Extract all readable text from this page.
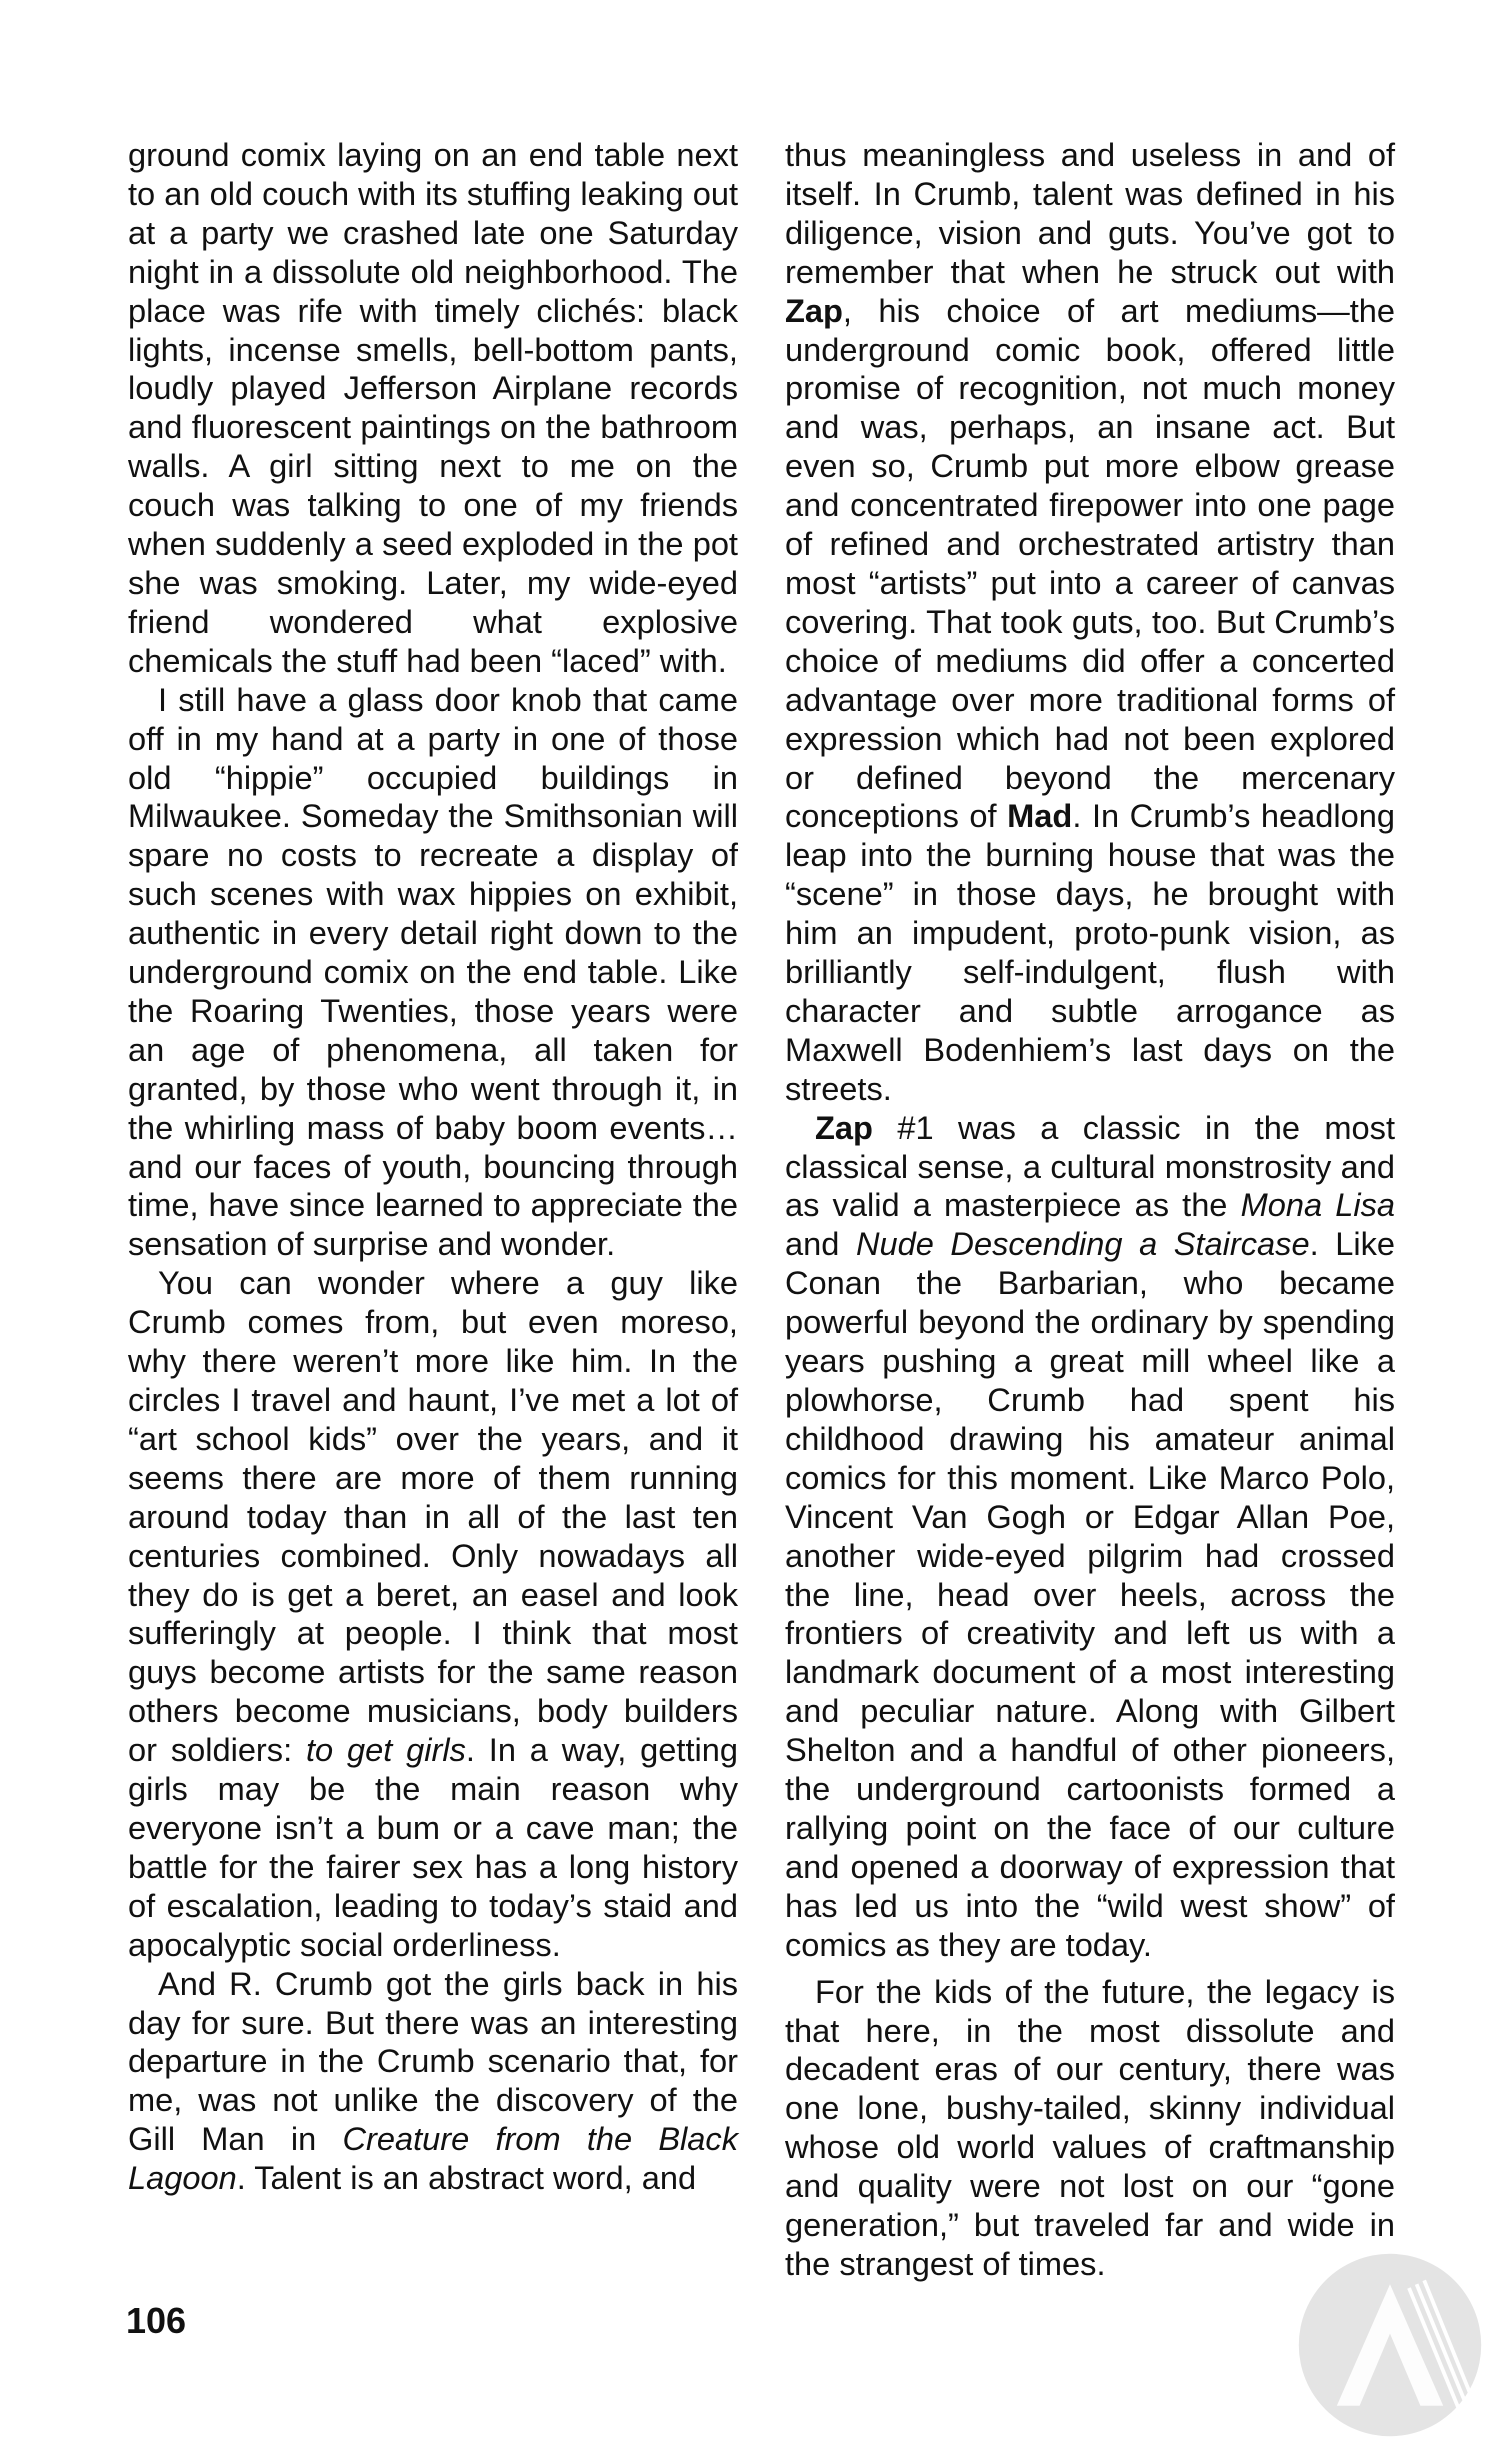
ground comix laying on an end table next to an old couch with its stuffing leaking out at a party we crashed late one Saturday night in a dissolute old neighborhood. The place was rife with timely clichés: black lights, incense smells, bell-bottom pants, loudly played Jefferson Airplane records and fluorescent paintings on the bathroom walls. A girl sitting next to me on the couch was talking to one of my friends when suddenly a seed exploded in the pot she was smoking. Later, my wide-eyed friend wondered what explosive chemicals the stuff had been “laced” with.

I still have a glass door knob that came off in my hand at a party in one of those old “hippie” occupied buildings in Milwaukee. Someday the Smithsonian will spare no costs to recreate a display of such scenes with wax hippies on exhibit, authentic in every detail right down to the underground comix on the end table. Like the Roaring Twenties, those years were an age of phenomena, all taken for granted, by those who went through it, in the whirling mass of baby boom events…and our faces of youth, bouncing through time, have since learned to appreciate the sensation of surprise and wonder.

You can wonder where a guy like Crumb comes from, but even moreso, why there weren’t more like him. In the circles I travel and haunt, I’ve met a lot of “art school kids” over the years, and it seems there are more of them running around today than in all of the last ten centuries combined. Only nowadays all they do is get a beret, an easel and look sufferingly at people. I think that most guys become artists for the same reason others become musicians, body builders or soldiers: to get girls. In a way, getting girls may be the main reason why everyone isn’t a bum or a cave man; the battle for the fairer sex has a long history of escalation, leading to today’s staid and apocalyptic social orderliness.

And R. Crumb got the girls back in his day for sure. But there was an interesting departure in the Crumb scenario that, for me, was not unlike the discovery of the Gill Man in Creature from the Black Lagoon. Talent is an abstract word, and

thus meaningless and useless in and of itself. In Crumb, talent was defined in his diligence, vision and guts. You’ve got to remember that when he struck out with Zap, his choice of art mediums—the underground comic book, offered little promise of recognition, not much money and was, perhaps, an insane act. But even so, Crumb put more elbow grease and concentrated firepower into one page of refined and orchestrated artistry than most “artists” put into a career of canvas covering. That took guts, too. But Crumb’s choice of mediums did offer a concerted advantage over more traditional forms of expression which had not been explored or defined beyond the mercenary conceptions of Mad. In Crumb’s headlong leap into the burning house that was the “scene” in those days, he brought with him an impudent, proto-punk vision, as brilliantly self-indulgent, flush with character and subtle arrogance as Maxwell Bodenhiem’s last days on the streets.

Zap #1 was a classic in the most classical sense, a cultural monstrosity and as valid a masterpiece as the Mona Lisa and Nude Descending a Staircase. Like Conan the Barbarian, who became powerful beyond the ordinary by spending years pushing a great mill wheel like a plowhorse, Crumb had spent his childhood drawing his amateur animal comics for this moment. Like Marco Polo, Vincent Van Gogh or Edgar Allan Poe, another wide-eyed pilgrim had crossed the line, head over heels, across the frontiers of creativity and left us with a landmark document of a most interesting and peculiar nature. Along with Gilbert Shelton and a handful of other pioneers, the underground cartoonists formed a rallying point on the face of our culture and opened a doorway of expression that has led us into the “wild west show” of comics as they are today.

For the kids of the future, the legacy is that here, in the most dissolute and decadent eras of our century, there was one lone, bushy-tailed, skinny individual whose old world values of craftmanship and quality were not lost on our “gone generation,” but traveled far and wide in the strangest of times.

106
